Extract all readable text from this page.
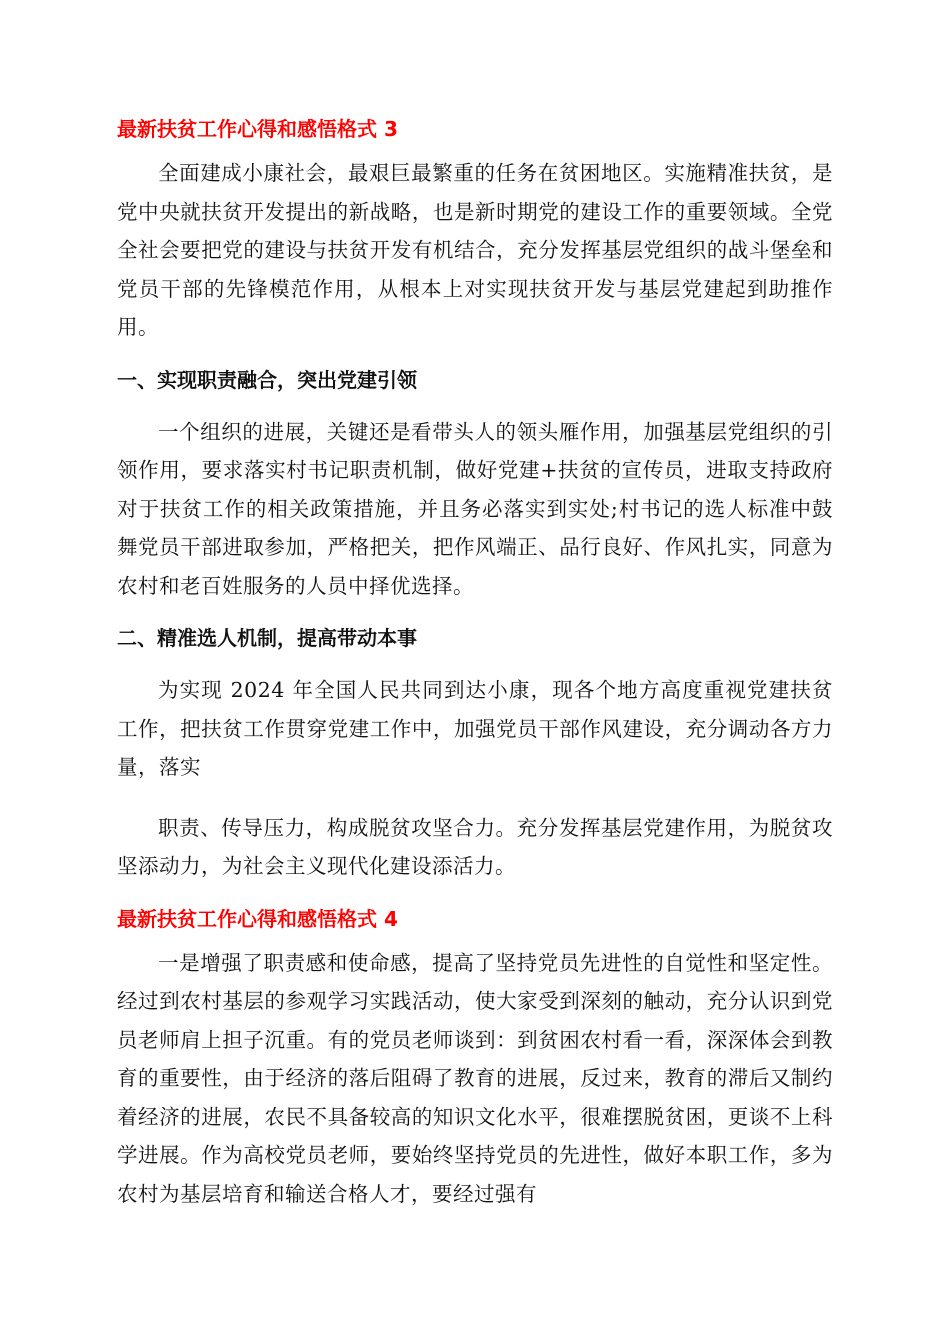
最新扶贫工作心得和感悟格式 3

全面建成小康社会，最艰巨最繁重的任务在贫困地区。实施精准扶贫，是党中央就扶贫开发提出的新战略，也是新时期党的建设工作的重要领域。全党全社会要把党的建设与扶贫开发有机结合，充分发挥基层党组织的战斗堡垒和党员干部的先锋模范作用，从根本上对实现扶贫开发与基层党建起到助推作用。

一、实现职责融合，突出党建引领

一个组织的进展，关键还是看带头人的领头雁作用，加强基层党组织的引领作用，要求落实村书记职责机制，做好党建+扶贫的宣传员，进取支持政府对于扶贫工作的相关政策措施，并且务必落实到实处;村书记的选人标准中鼓舞党员干部进取参加，严格把关，把作风端正、品行良好、作风扎实，同意为农村和老百姓服务的人员中择优选择。

二、精准选人机制，提高带动本事

为实现 2024 年全国人民共同到达小康，现各个地方高度重视党建扶贫工作，把扶贫工作贯穿党建工作中，加强党员干部作风建设，充分调动各方力量，落实

职责、传导压力，构成脱贫攻坚合力。充分发挥基层党建作用，为脱贫攻坚添动力，为社会主义现代化建设添活力。

最新扶贫工作心得和感悟格式 4

一是增强了职责感和使命感，提高了坚持党员先进性的自觉性和坚定性。经过到农村基层的参观学习实践活动，使大家受到深刻的触动，充分认识到党员老师肩上担子沉重。有的党员老师谈到：到贫困农村看一看，深深体会到教育的重要性，由于经济的落后阻碍了教育的进展，反过来，教育的滞后又制约着经济的进展，农民不具备较高的知识文化水平，很难摆脱贫困，更谈不上科学进展。作为高校党员老师，要始终坚持党员的先进性，做好本职工作，多为农村为基层培育和输送合格人才，要经过强有
